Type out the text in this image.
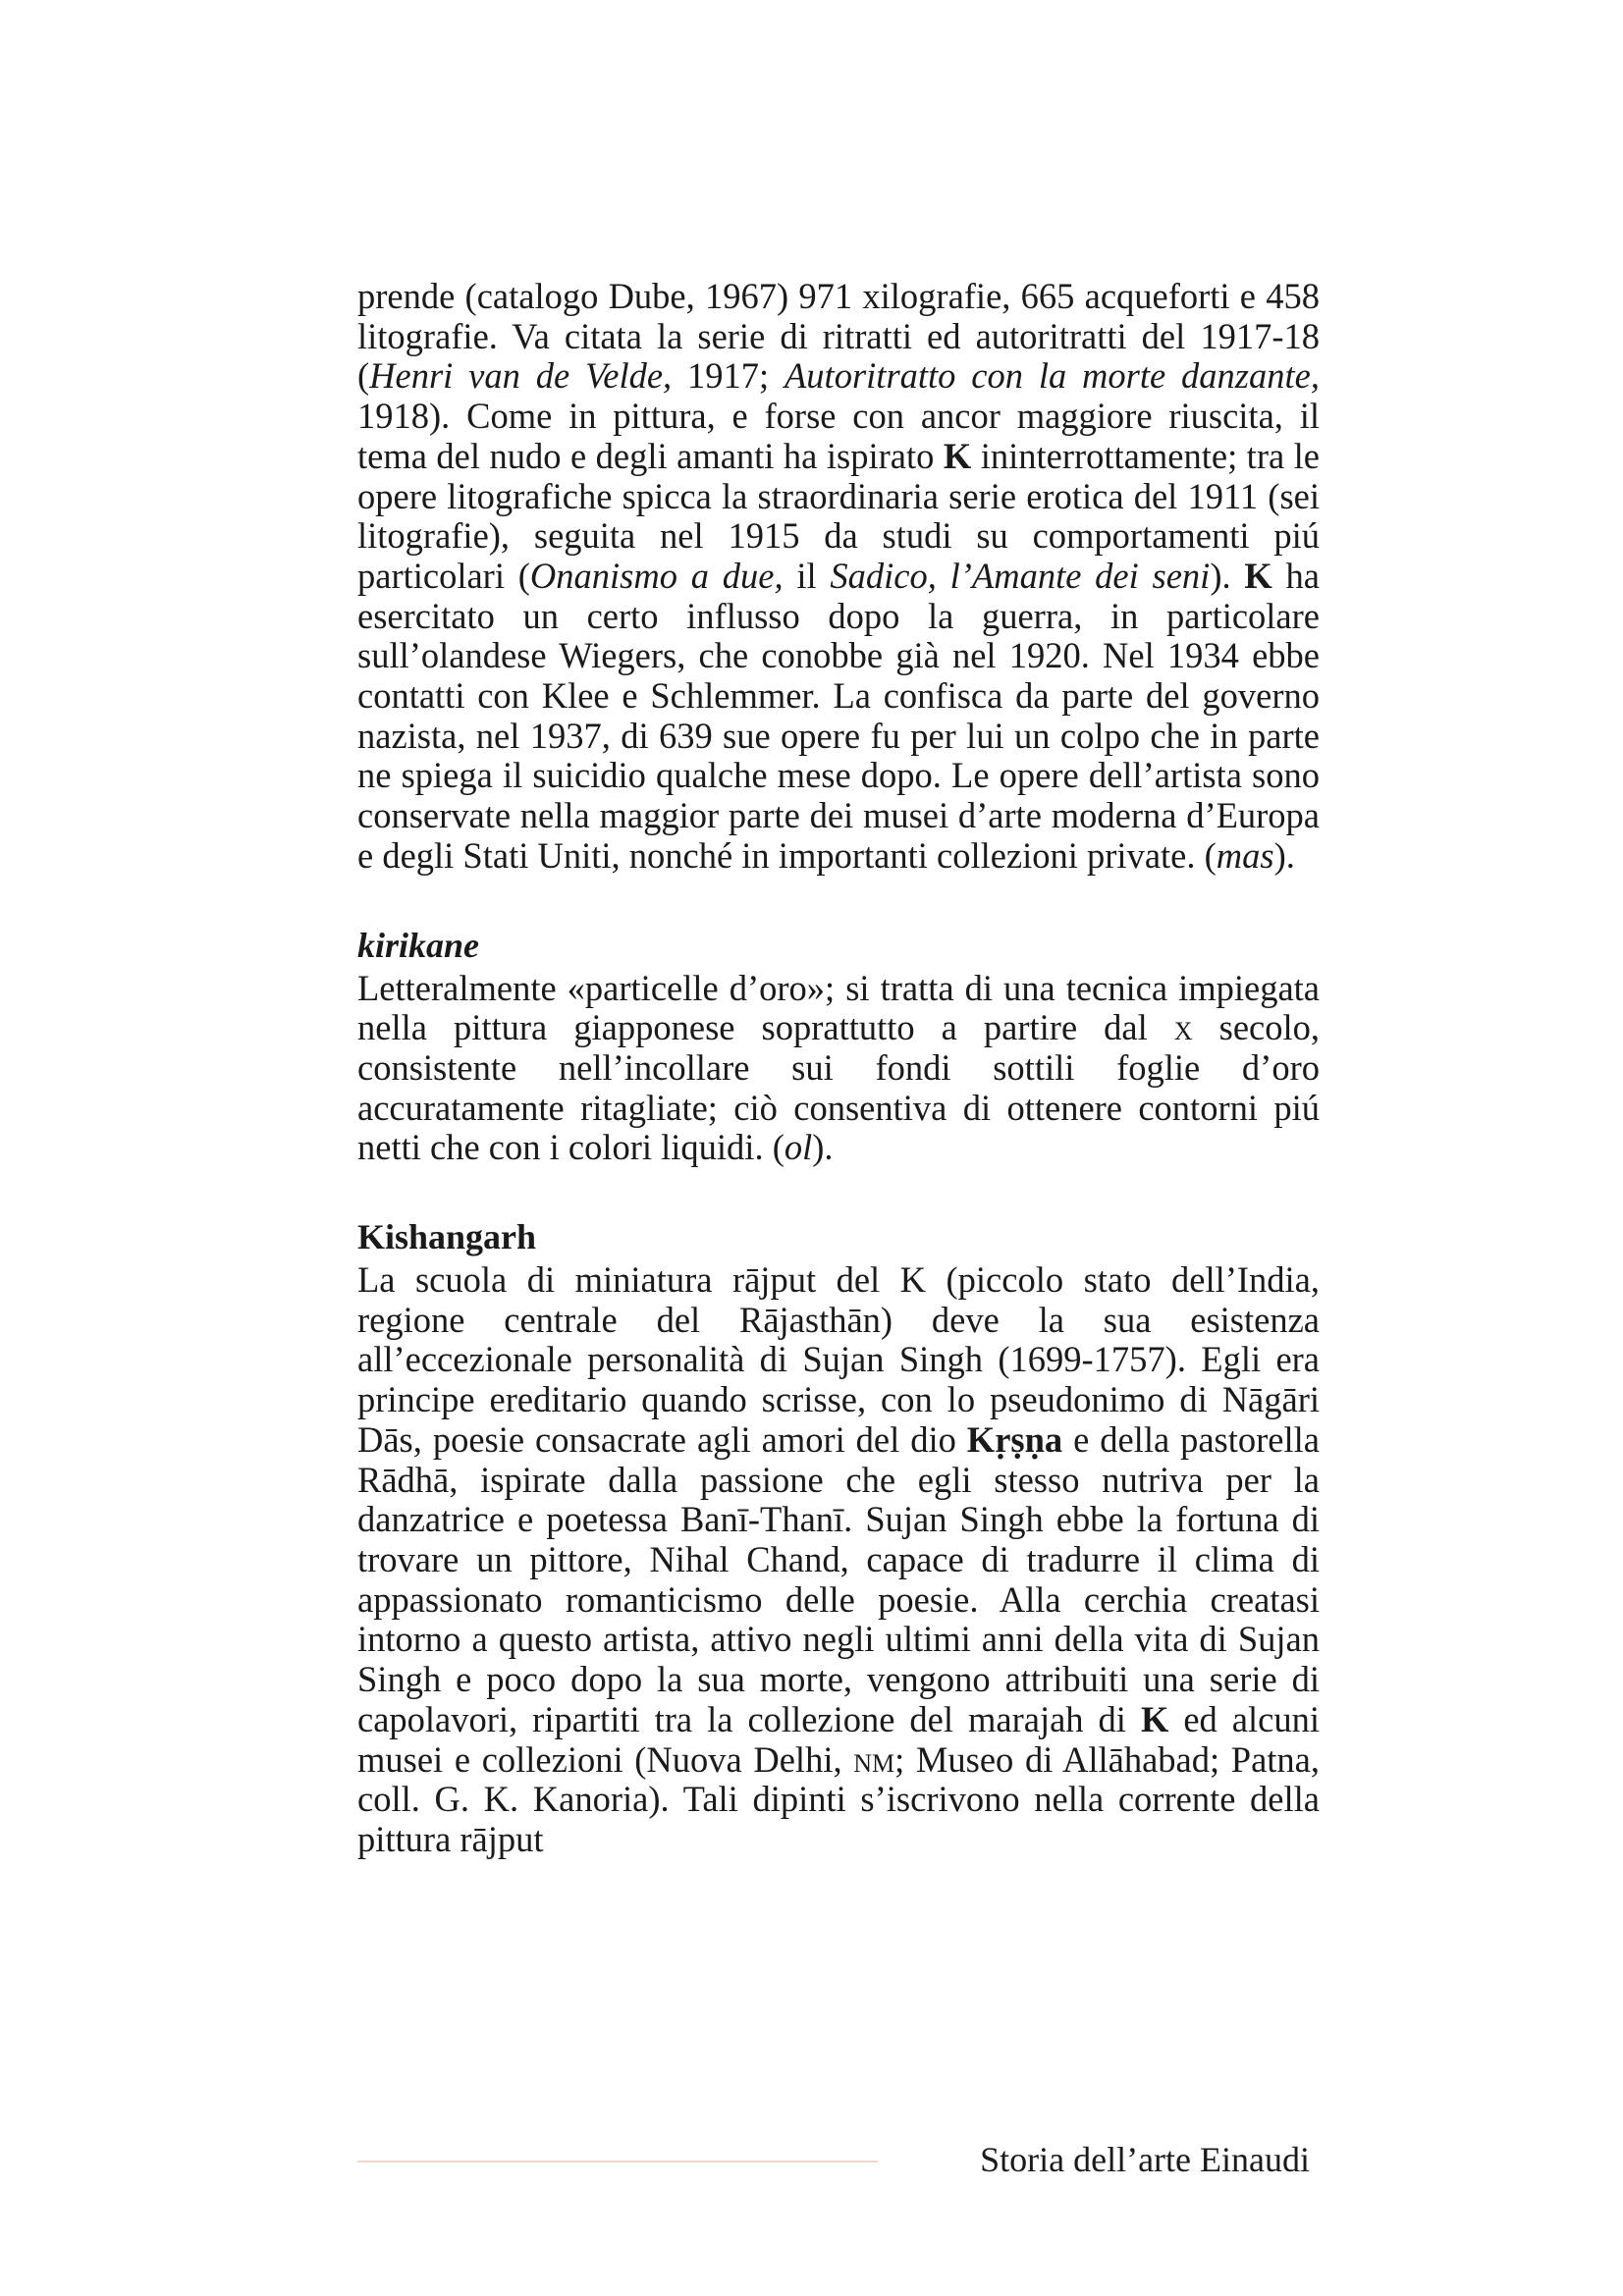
prende (catalogo Dube, 1967) 971 xilografie, 665 acqueforti e 458 litografie. Va citata la serie di ritratti ed autoritratti del 1917-18 (Henri van de Velde, 1917; Autoritratto con la morte danzante, 1918). Come in pittura, e forse con ancor maggiore riuscita, il tema del nudo e degli amanti ha ispirato K ininterrottamente; tra le opere litografiche spicca la straordinaria serie erotica del 1911 (sei litografie), seguita nel 1915 da studi su comportamenti piú particolari (Onanismo a due, il Sadico, l’Amante dei seni). K ha esercitato un certo influsso dopo la guerra, in particolare sull’olandese Wiegers, che conobbe già nel 1920. Nel 1934 ebbe contatti con Klee e Schlemmer. La confisca da parte del governo nazista, nel 1937, di 639 sue opere fu per lui un colpo che in parte ne spiega il suicidio qualche mese dopo. Le opere dell’artista sono conservate nella maggior parte dei musei d’arte moderna d’Europa e degli Stati Uniti, nonché in importanti collezioni private. (mas).

kirikane

Letteralmente «particelle d’oro»; si tratta di una tecnica impiegata nella pittura giapponese soprattutto a partire dal x secolo, consistente nell’incollare sui fondi sottili foglie d’oro accuratamente ritagliate; ciò consentiva di ottenere contorni piú netti che con i colori liquidi. (ol).

Kishangarh

La scuola di miniatura rājput del K (piccolo stato dell’India, regione centrale del Rājasthān) deve la sua esistenza all’eccezionale personalità di Sujan Singh (1699-1757). Egli era principe ereditario quando scrisse, con lo pseudonimo di Nāgāri Dās, poesie consacrate agli amori del dio Kṛṣṇa e della pastorella Rādhā, ispirate dalla passione che egli stesso nutriva per la danzatrice e poetessa Banī-Thanī. Sujan Singh ebbe la fortuna di trovare un pittore, Nihal Chand, capace di tradurre il clima di appassionato romanticismo delle poesie. Alla cerchia creatasi intorno a questo artista, attivo negli ultimi anni della vita di Sujan Singh e poco dopo la sua morte, vengono attribuiti una serie di capolavori, ripartiti tra la collezione del marajah di K ed alcuni musei e collezioni (Nuova Delhi, nm; Museo di Allāhabad; Patna, coll. G. K. Kanoria). Tali dipinti s’iscrivono nella corrente della pittura rājput

Storia dell’arte Einaudi
